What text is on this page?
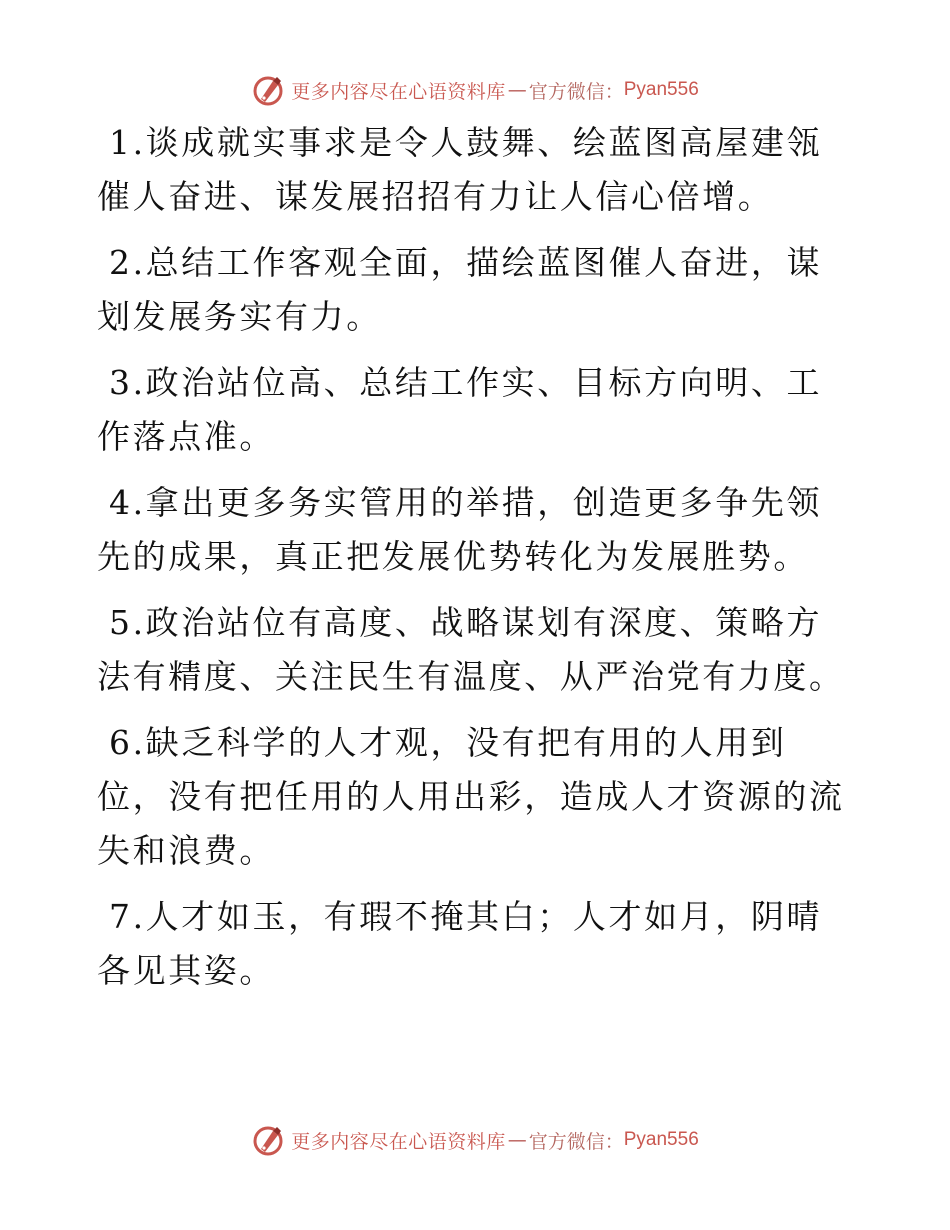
更多内容尽在心语资料库 — 官方微信： Pyan556

1.谈成就实事求是令人鼓舞、绘蓝图高屋建瓴催人奋进、谋发展招招有力让人信心倍增。

2.总结工作客观全面，描绘蓝图催人奋进，谋划发展务实有力。

3.政治站位高、总结工作实、目标方向明、工作落点准。

4.拿出更多务实管用的举措，创造更多争先领先的成果，真正把发展优势转化为发展胜势。

5.政治站位有高度、战略谋划有深度、策略方法有精度、关注民生有温度、从严治党有力度。

6.缺乏科学的人才观，没有把有用的人用到位，没有把任用的人用出彩，造成人才资源的流失和浪费。

7.人才如玉，有瑕不掩其白；人才如月，阴晴各见其姿。

更多内容尽在心语资料库 — 官方微信： Pyan556
